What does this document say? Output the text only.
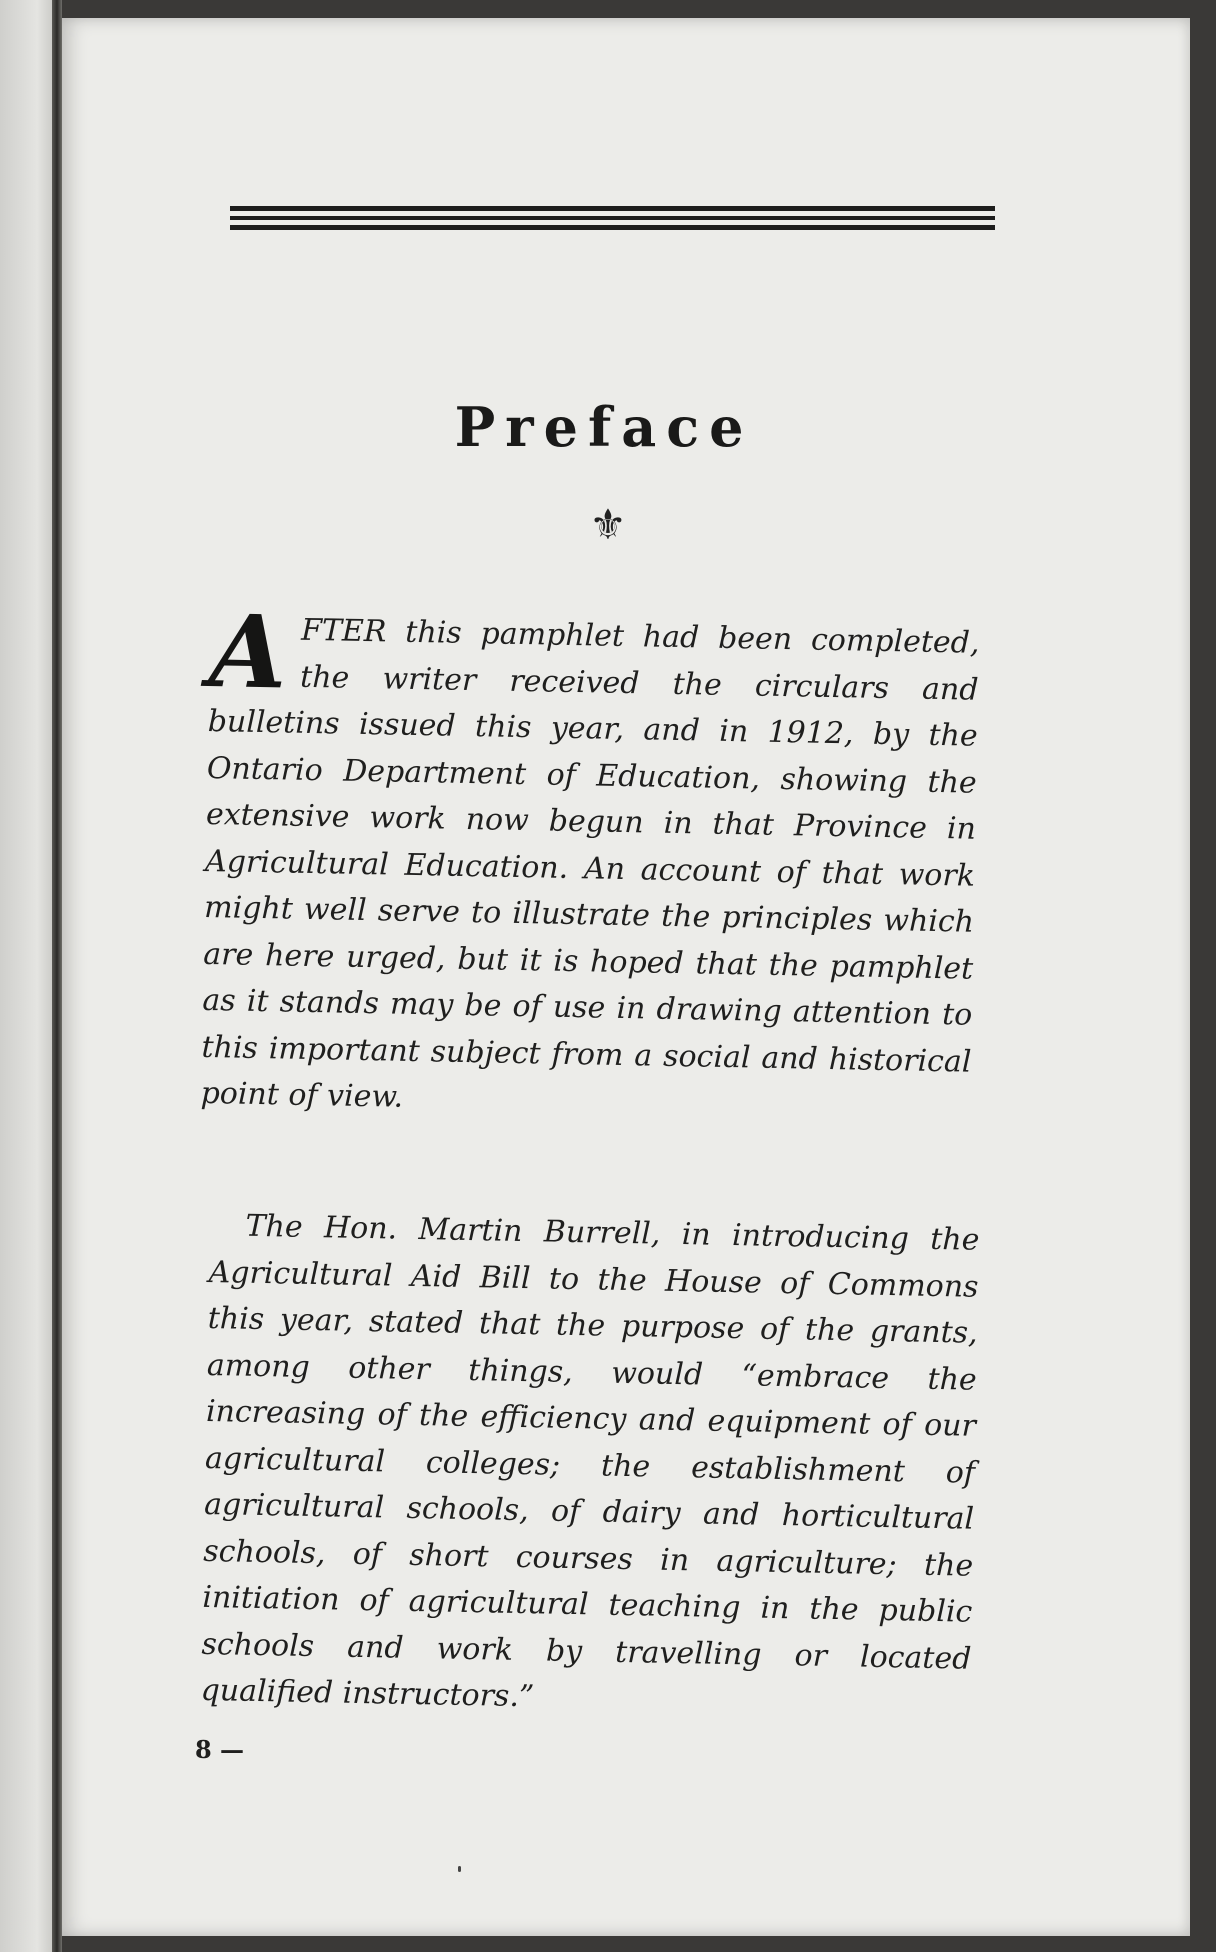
Preface
⚜
A FTER this pamphlet had been completed, the writer received the circulars and bulletins issued this year, and in 1912, by the Ontario Department of Education, showing the extensive work now begun in that Province in Agricultural Education. An account of that work might well serve to illustrate the principles which are here urged, but it is hoped that the pamphlet as it stands may be of use in drawing attention to this important subject from a social and historical point of view.
The Hon. Martin Burrell, in introducing the Agricultural Aid Bill to the House of Commons this year, stated that the purpose of the grants, among other things, would “embrace the increasing of the efficiency and equipment of our agricultural colleges; the establishment of agricultural schools, of dairy and horticultural schools, of short courses in agriculture; the initiation of agricultural teaching in the public schools and work by travelling or located qualified instructors.”
8 —
